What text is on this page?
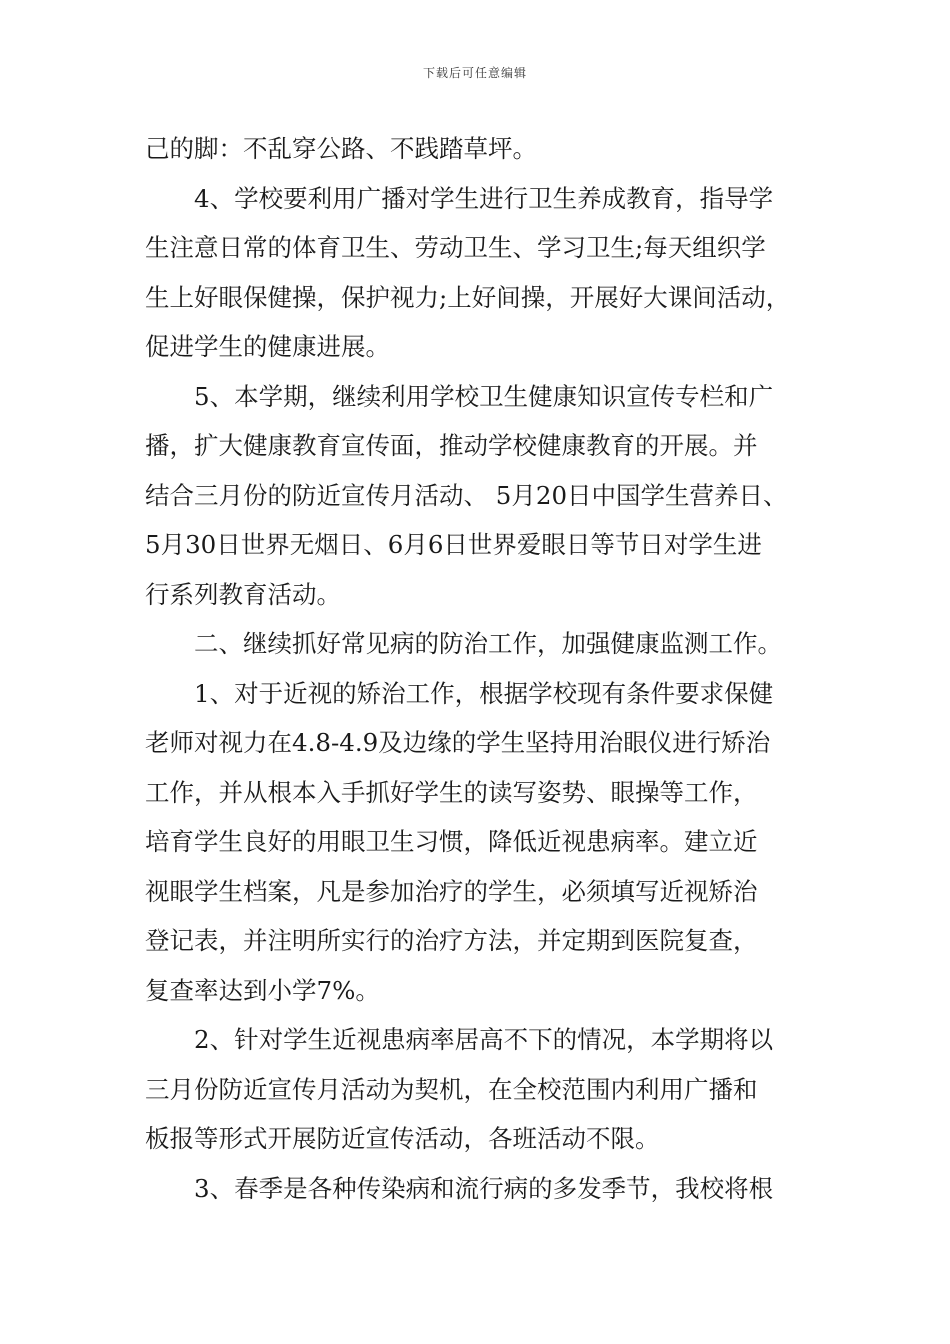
下载后可任意编辑
己的脚：不乱穿公路、不践踏草坪。
4、学校要利用广播对学生进行卫生养成教育，指导学
生注意日常的体育卫生、劳动卫生、学习卫生;每天组织学
生上好眼保健操，保护视力;上好间操，开展好大课间活动，
促进学生的健康进展。
5、本学期，继续利用学校卫生健康知识宣传专栏和广
播，扩大健康教育宣传面，推动学校健康教育的开展。并
结合三月份的防近宣传月活动、 5月20日中国学生营养日、
5月30日世界无烟日、6月6日世界爱眼日等节日对学生进
行系列教育活动。
二、继续抓好常见病的防治工作，加强健康监测工作。
1、对于近视的矫治工作，根据学校现有条件要求保健
老师对视力在4.8-4.9及边缘的学生坚持用治眼仪进行矫治
工作，并从根本入手抓好学生的读写姿势、眼操等工作，
培育学生良好的用眼卫生习惯，降低近视患病率。建立近
视眼学生档案，凡是参加治疗的学生，必须填写近视矫治
登记表，并注明所实行的治疗方法，并定期到医院复查，
复查率达到小学7%。
2、针对学生近视患病率居高不下的情况，本学期将以
三月份防近宣传月活动为契机，在全校范围内利用广播和
板报等形式开展防近宣传活动，各班活动不限。
3、春季是各种传染病和流行病的多发季节，我校将根
